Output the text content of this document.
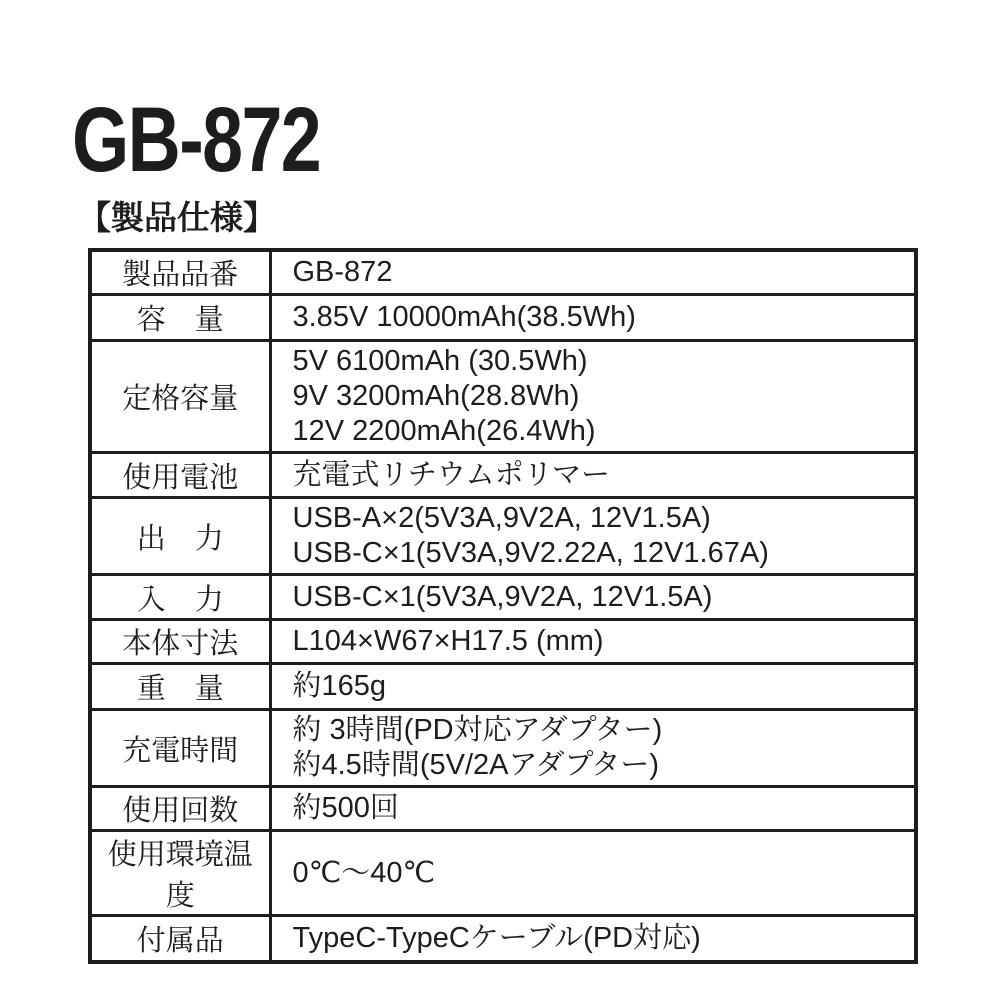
GB-872
【製品仕様】
製品品番	GB-872

容　量	3.85V 10000mAh(38.5Wh)

定格容量	5V 6100mAh (30.5Wh)
9V 3200mAh(28.8Wh)
12V 2200mAh(26.4Wh)

使用電池	充電式リチウムポリマー

出　力	USB-A×2(5V3A,9V2A, 12V1.5A)
USB-C×1(5V3A,9V2.22A, 12V1.67A)

入　力	USB-C×1(5V3A,9V2A, 12V1.5A)

本体寸法	L104×W67×H17.5 (mm)

重　量	約165g

充電時間	約 3時間(PD対応アダプター)
約4.5時間(5V/2Aアダプター)

使用回数	約500回

使用環境温度	0℃～40℃

付属品	TypeC-TypeCケーブル(PD対応)
